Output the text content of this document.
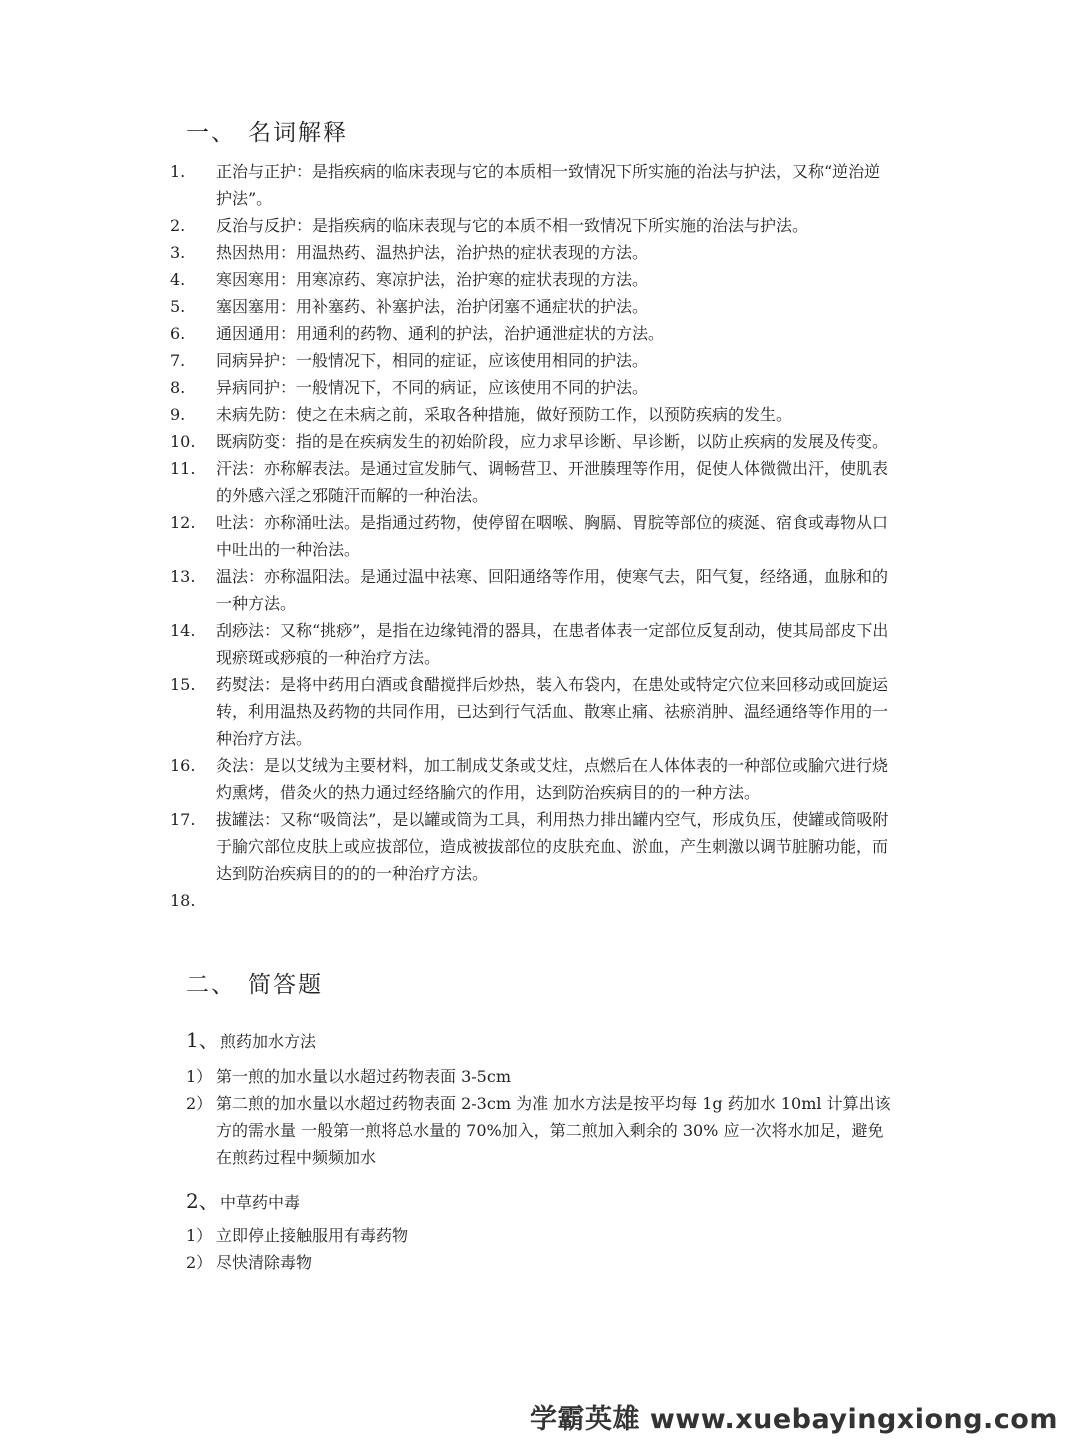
一、 名词解释
1.	正治与正护：是指疾病的临床表现与它的本质相一致情况下所实施的治法与护法，又称“逆治逆护法”。
2.	反治与反护：是指疾病的临床表现与它的本质不相一致情况下所实施的治法与护法。
3.	热因热用：用温热药、温热护法，治护热的症状表现的方法。
4.	寒因寒用：用寒凉药、寒凉护法，治护寒的症状表现的方法。
5.	塞因塞用：用补塞药、补塞护法，治护闭塞不通症状的护法。
6.	通因通用：用通利的药物、通利的护法，治护通泄症状的方法。
7.	同病异护：一般情况下，相同的症证，应该使用相同的护法。
8.	异病同护：一般情况下，不同的病证，应该使用不同的护法。
9.	未病先防：使之在未病之前，采取各种措施，做好预防工作，以预防疾病的发生。
10.	既病防变：指的是在疾病发生的初始阶段，应力求早诊断、早诊断，以防止疾病的发展及传变。
11.	汗法：亦称解表法。是通过宣发肺气、调畅营卫、开泄腠理等作用，促使人体微微出汗，使肌表的外感六淫之邪随汗而解的一种治法。
12.	吐法：亦称涌吐法。是指通过药物，使停留在咽喉、胸膈、胃脘等部位的痰涎、宿食或毒物从口中吐出的一种治法。
13.	温法：亦称温阳法。是通过温中祛寒、回阳通络等作用，使寒气去，阳气复，经络通，血脉和的一种方法。
14.	刮痧法：又称“挑痧”，是指在边缘钝滑的器具，在患者体表一定部位反复刮动，使其局部皮下出现瘀斑或痧痕的一种治疗方法。
15.	药熨法：是将中药用白酒或食醋搅拌后炒热，装入布袋内，在患处或特定穴位来回移动或回旋运转，利用温热及药物的共同作用，已达到行气活血、散寒止痛、祛瘀消肿、温经通络等作用的一种治疗方法。
16.	灸法：是以艾绒为主要材料，加工制成艾条或艾炷，点燃后在人体体表的一种部位或腧穴进行烧灼熏烤，借灸火的热力通过经络腧穴的作用，达到防治疾病目的的一种方法。
17.	拔罐法：又称“吸筒法”，是以罐或筒为工具，利用热力排出罐内空气，形成负压，使罐或筒吸附于腧穴部位皮肤上或应拔部位，造成被拔部位的皮肤充血、淤血，产生刺激以调节脏腑功能，而达到防治疾病目的的的一种治疗方法。
18.
二、 简答题
1、煎药加水方法
1） 第一煎的加水量以水超过药物表面 3-5cm
2） 第二煎的加水量以水超过药物表面 2-3cm 为准 加水方法是按平均每 1g 药加水 10ml 计算出该方的需水量 一般第一煎将总水量的 70%加入，第二煎加入剩余的 30% 应一次将水加足，避免在煎药过程中频频加水
2、中草药中毒
1） 立即停止接触服用有毒药物
2） 尽快清除毒物
学霸英雄 www.xuebayingxiong.com
